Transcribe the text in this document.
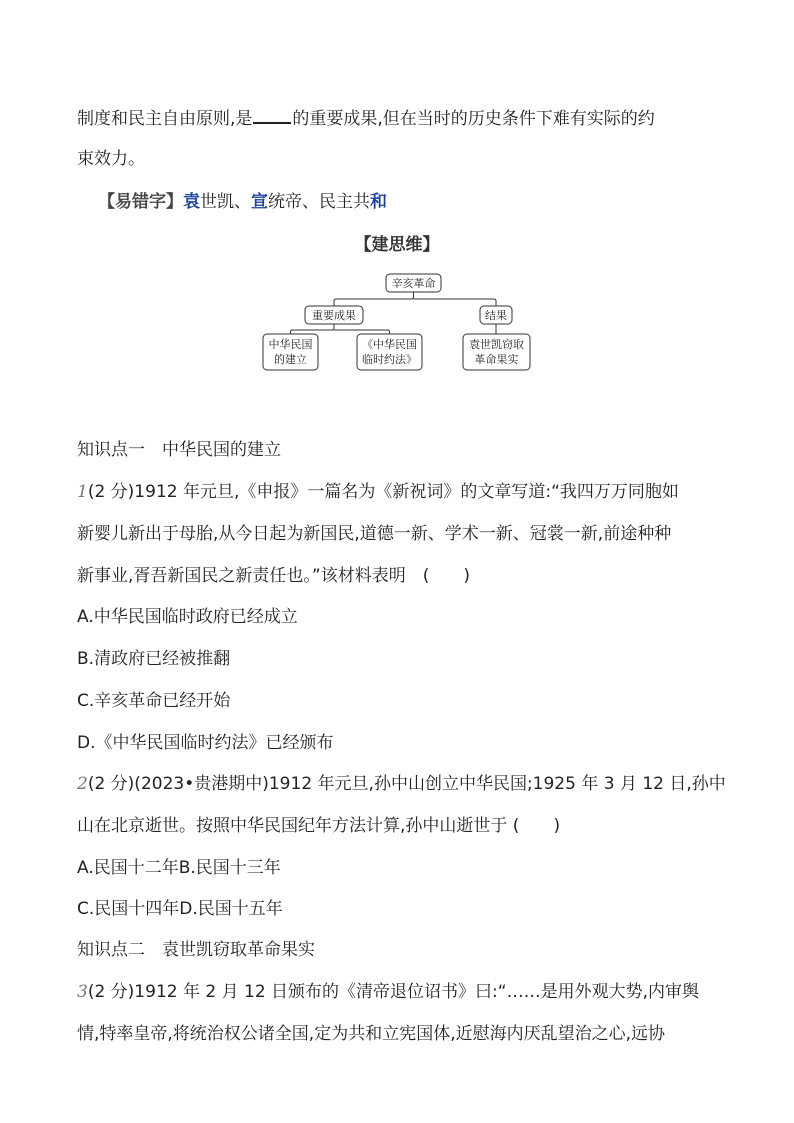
制度和民主自由原则,是 的重要成果,但在当时的历史条件下难有实际的约
束效力。
【易错字】袁世凯、宣统帝、民主共和
【建思维】
辛亥革命
重要成果	结果
中华民国
的建立
《中华民国
临时约法》
袁世凯窃取
革命果实
知识点一　中华民国的建立
1(2 分)1912 年元旦,《申报》一篇名为《新祝词》的文章写道:“我四万万同胞如
新婴儿新出于母胎,从今日起为新国民,道德一新、学术一新、冠裳一新,前途种种
新事业,胥吾新国民之新责任也。”该材料表明　( )
A.中华民国临时政府已经成立
B.清政府已经被推翻
C.辛亥革命已经开始
D.《中华民国临时约法》已经颁布
2(2 分)(2023•贵港期中)1912 年元旦,孙中山创立中华民国;1925 年 3 月 12 日,孙中
山在北京逝世。按照中华民国纪年方法计算,孙中山逝世于 ( )
A.民国十二年B.民国十三年
C.民国十四年D.民国十五年
知识点二　袁世凯窃取革命果实
3(2 分)1912 年 2 月 12 日颁布的《清帝退位诏书》曰:“……是用外观大势,内审舆
情,特率皇帝,将统治权公诸全国,定为共和立宪国体,近慰海内厌乱望治之心,远协
